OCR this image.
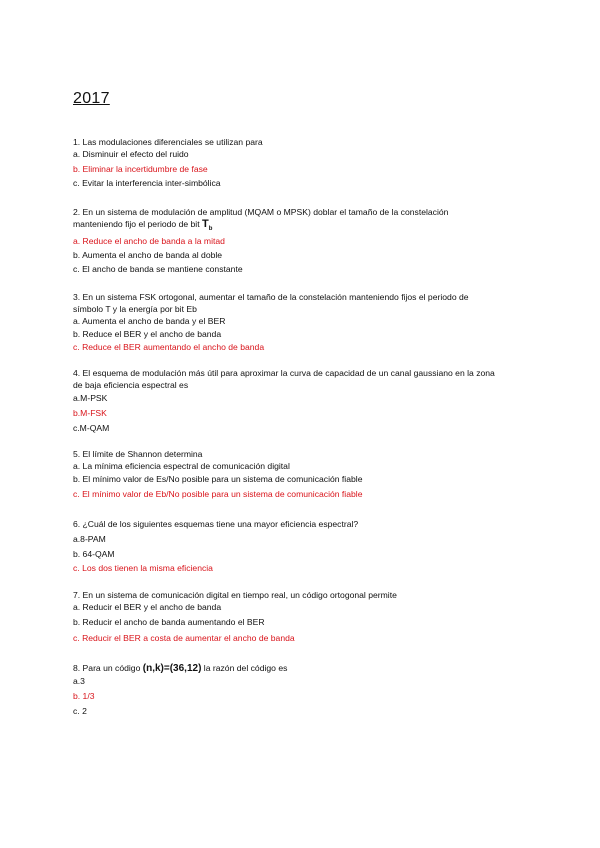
2017
1. Las modulaciones diferenciales se utilizan para
a. Disminuir el efecto del ruido
b. Eliminar la incertidumbre de fase
c. Evitar la interferencia inter-simbólica
2. En un sistema de modulación de amplitud (MQAM o MPSK) doblar el tamaño de la constelación
manteniendo fijo el periodo de bit $T_b$
a. Reduce el ancho de banda a la mitad
b. Aumenta el ancho de banda al doble
c. El ancho de banda se mantiene constante
3. En un sistema FSK ortogonal, aumentar el tamaño de la constelación manteniendo fijos el periodo de
símbolo T y la energía por bit Eb
a. Aumenta el ancho de banda y el BER
b. Reduce el BER y el ancho de banda
c. Reduce el BER aumentando el ancho de banda
4. El esquema de modulación más útil para aproximar la curva de capacidad de un canal gaussiano en la zona
de baja eficiencia espectral es
a.M-PSK
b.M-FSK
c.M-QAM
5. El límite de Shannon determina
a. La mínima eficiencia espectral de comunicación digital
b. El mínimo valor de Es/No posible para un sistema de comunicación fiable
c. El mínimo valor de Eb/No posible para un sistema de comunicación fiable
6. ¿Cuál de los siguientes esquemas tiene una mayor eficiencia espectral?
a.8-PAM
b. 64-QAM
c. Los dos tienen la misma eficiencia
7. En un sistema de comunicación digital en tiempo real, un código ortogonal permite
a. Reducir el BER y el ancho de banda
b. Reducir el ancho de banda aumentando el BER
c. Reducir el BER a costa de aumentar el ancho de banda
8. Para un código (n,k)=(36,12) la razón del código es
a.3
b. 1/3
c. 2
